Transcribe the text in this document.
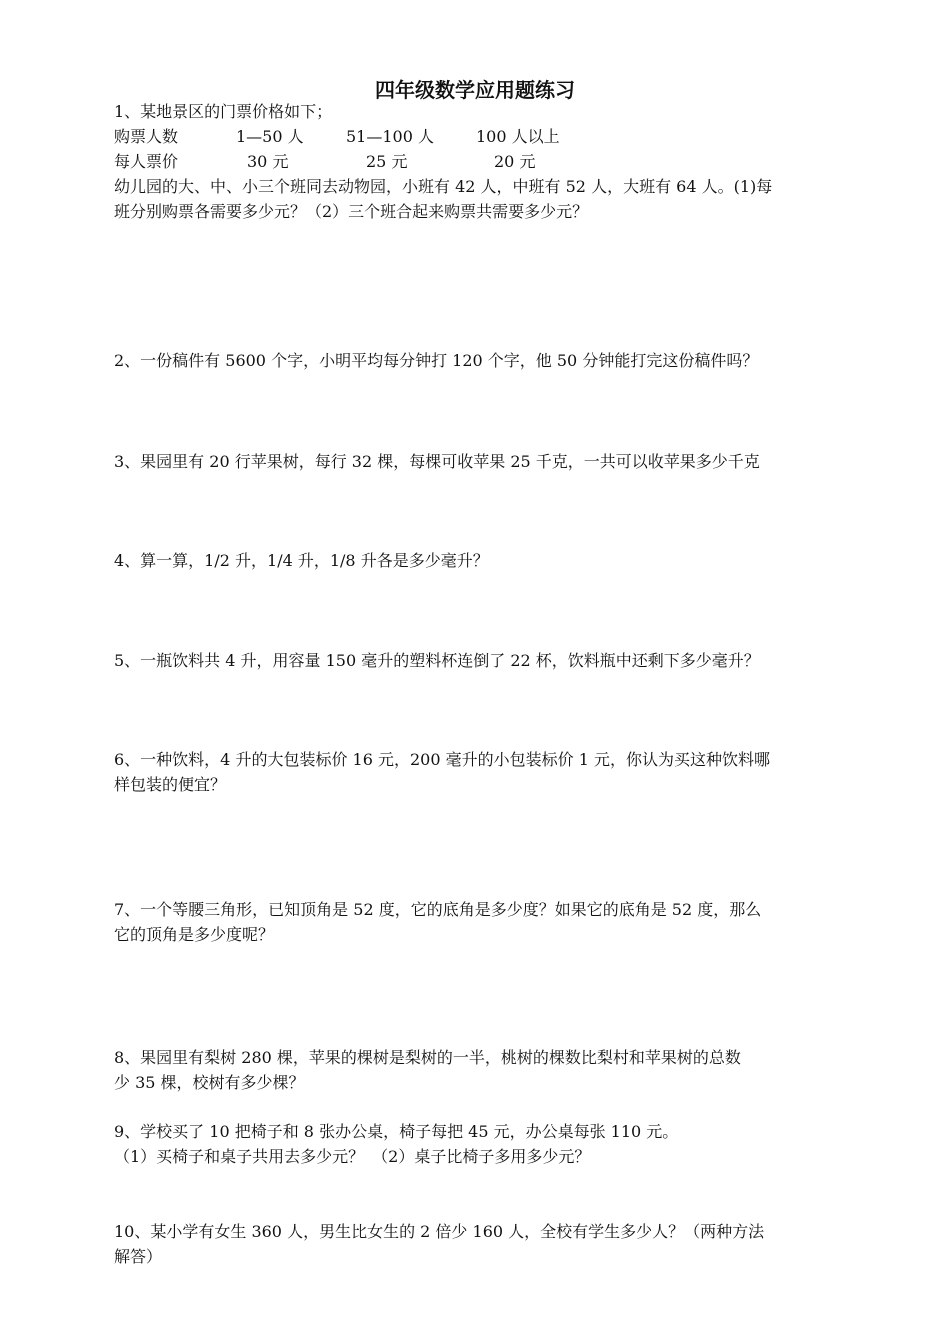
四年级数学应用题练习
1、某地景区的门票价格如下；
购票人数	1—50 人	51—100 人	100 人以上
每人票价	30 元	25 元	20 元
幼儿园的大、中、小三个班同去动物园，小班有 42 人，中班有 52 人，大班有 64 人。(1)每
班分别购票各需要多少元？（2）三个班合起来购票共需要多少元？
2、一份稿件有 5600 个字，小明平均每分钟打 120 个字，他 50 分钟能打完这份稿件吗？
3、果园里有 20 行苹果树，每行 32 棵，每棵可收苹果 25 千克，一共可以收苹果多少千克
4、算一算，1/2 升，1/4 升，1/8 升各是多少毫升？
5、一瓶饮料共 4 升，用容量 150 毫升的塑料杯连倒了 22 杯，饮料瓶中还剩下多少毫升？
6、一种饮料，4 升的大包装标价 16 元，200 毫升的小包装标价 1 元，你认为买这种饮料哪
样包装的便宜？
7、一个等腰三角形，已知顶角是 52 度，它的底角是多少度？如果它的底角是 52 度，那么
它的顶角是多少度呢？
8、果园里有梨树 280 棵，苹果的棵树是梨树的一半，桃树的棵数比梨村和苹果树的总数
少 35 棵，校树有多少棵？
9、学校买了 10 把椅子和 8 张办公桌，椅子每把 45 元，办公桌每张 110 元。
（1）买椅子和桌子共用去多少元？　（2）桌子比椅子多用多少元？
10、某小学有女生 360 人，男生比女生的 2 倍少 160 人，全校有学生多少人？（两种方法
解答）
